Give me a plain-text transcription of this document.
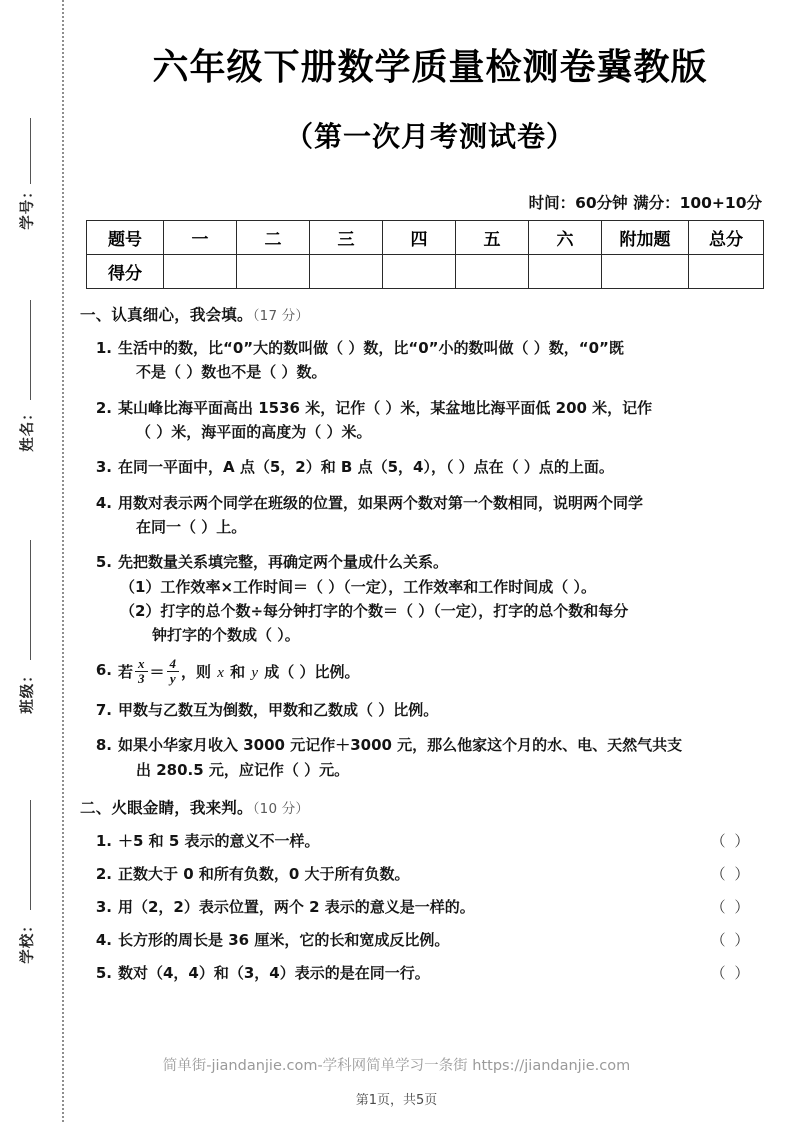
学号：
姓名：
班级：
学校：
六年级下册数学质量检测卷冀教版
（第一次月考测试卷）
时间：60分钟 满分：100+10分
题号	一	二	三	四	五	六	附加题	总分
得分								
一、认真细心，我会填。（17 分）
1. 生活中的数，比“0”大的数叫做（ ）数，比“0”小的数叫做（ ）数，“0”既
不是（ ）数也不是（ ）数。
2. 某山峰比海平面高出 1536 米，记作（ ）米，某盆地比海平面低 200 米，记作
（ ）米，海平面的高度为（ ）米。
3. 在同一平面中，A 点（5，2）和 B 点（5，4），（ ）点在（ ）点的上面。
4. 用数对表示两个同学在班级的位置，如果两个数对第一个数相同，说明两个同学
在同一（ ）上。
5. 先把数量关系填完整，再确定两个量成什么关系。
（1）工作效率×工作时间＝（ ）（一定），工作效率和工作时间成（ ）。
（2）打字的总个数÷每分钟打字的个数＝（ ）（一定），打字的总个数和每分
钟打字的个数成（ ）。
6. 若 $\frac{x}{3} = \frac{4}{y}$ ，则 x 和 y 成（ ）比例。
7. 甲数与乙数互为倒数，甲数和乙数成（ ）比例。
8. 如果小华家月收入 3000 元记作＋3000 元，那么他家这个月的水、电、天然气共支
出 280.5 元，应记作（ ）元。
二、火眼金睛，我来判。（10 分）
1. ＋5 和 5 表示的意义不一样。	（ ）
2. 正数大于 0 和所有负数，0 大于所有负数。	（ ）
3. 用（2，2）表示位置，两个 2 表示的意义是一样的。	（ ）
4. 长方形的周长是 36 厘米，它的长和宽成反比例。	（ ）
5. 数对（4，4）和（3，4）表示的是在同一行。	（ ）
简单街-jiandanjie.com-学科网简单学习一条街 https://jiandanjie.com
第1页，共5页
